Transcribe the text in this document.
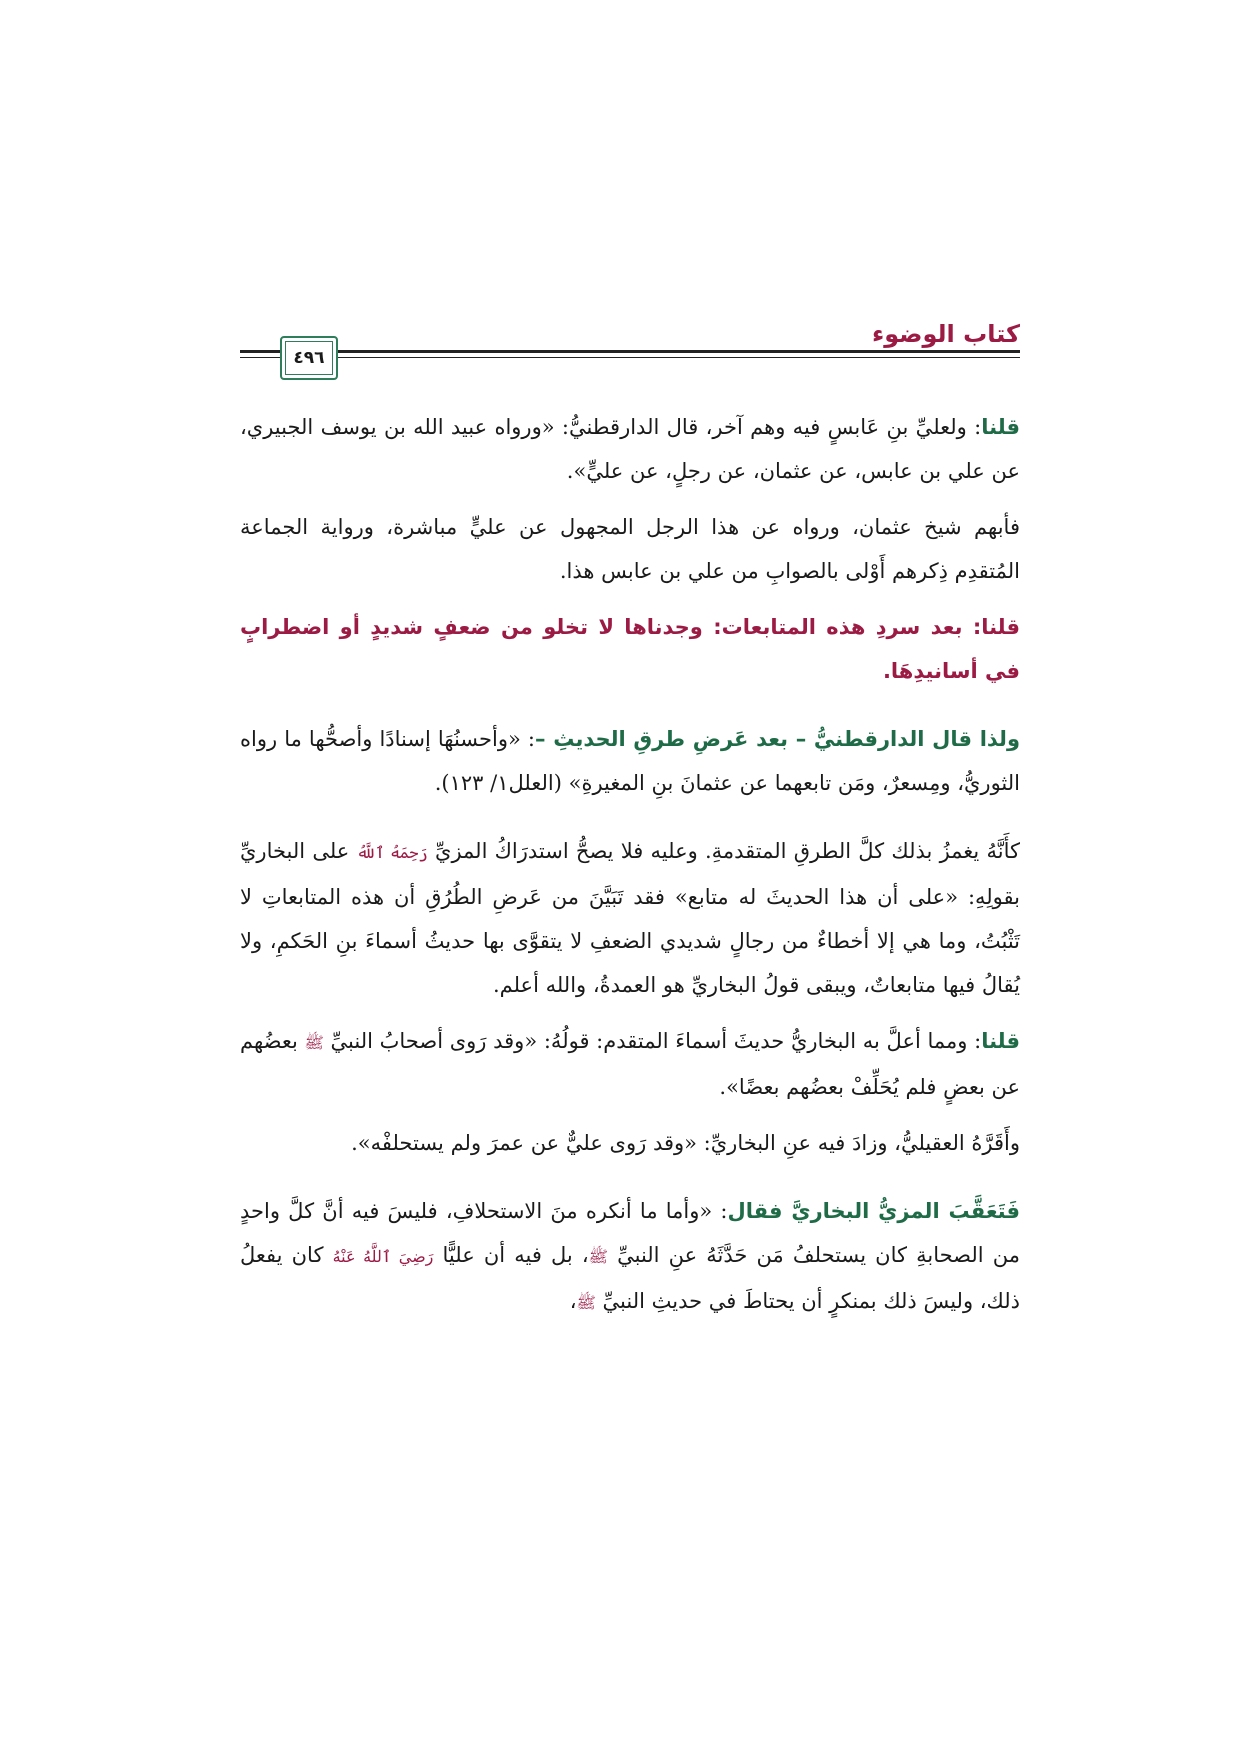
كتاب الوضوء
٤٩٦

قلنا: ولعليِّ بنِ عَابسٍ فيه وهم آخر، قال الدارقطنيُّ: «ورواه عبيد الله بن يوسف الجبيري، عن علي بن عابس، عن عثمان، عن رجلٍ، عن عليٍّ».

فأبهم شيخ عثمان، ورواه عن هذا الرجل المجهول عن عليٍّ مباشرة، ورواية الجماعة المُتقدِم ذِكرهم أَوْلى بالصوابِ من علي بن عابس هذا.

قلنا: بعد سردِ هذه المتابعات: وجدناها لا تخلو من ضعفٍ شديدٍ أو اضطرابٍ في أسانيدِهَا.

ولذا قال الدارقطنيُّ – بعد عَرضِ طرقِ الحديثِ –: «وأحسنُهَا إسنادًا وأصحُّها ما رواه الثوريُّ، ومِسعرٌ، ومَن تابعهما عن عثمانَ بنِ المغيرةِ» (العلل١/ ١٢٣).

كأَنَّهُ يغمزُ بذلك كلَّ الطرقِ المتقدمةِ. وعليه فلا يصحُّ استدرَاكُ المزيِّ رَحِمَهُ ٱللَّهُ على البخاريِّ بقولِهِ: «على أن هذا الحديثَ له متابع» فقد تَبَيَّنَ من عَرضِ الطُرُقِ أن هذه المتابعاتِ لا تَثْبُتُ، وما هي إلا أخطاءٌ من رجالٍ شديدي الضعفِ لا يتقوَّى بها حديثُ أسماءَ بنِ الحَكمِ، ولا يُقالُ فيها متابعاتٌ، ويبقى قولُ البخاريِّ هو العمدةُ، والله أعلم.

قلنا: ومما أعلَّ به البخاريُّ حديثَ أسماءَ المتقدم: قولُهُ: «وقد رَوى أصحابُ النبيِّ ﷺ بعضُهم عن بعضٍ فلم يُحَلِّفْ بعضُهم بعضًا».

وأَقَرَّهُ العقيليُّ، وزادَ فيه عنِ البخاريِّ: «وقد رَوى عليٌّ عن عمرَ ولم يستحلفْه».

فَتَعَقَّبَ المزيُّ البخاريَّ فقال: «وأما ما أنكره منَ الاستحلافِ، فليسَ فيه أنَّ كلَّ واحدٍ من الصحابةِ كان يستحلفُ مَن حَدَّثَهُ عنِ النبيِّ ﷺ، بل فيه أن عليًّا رَضِيَ ٱللَّهُ عَنْهُ كان يفعلُ ذلك، وليسَ ذلك بمنكرٍ أن يحتاطَ في حديثِ النبيِّ ﷺ،
